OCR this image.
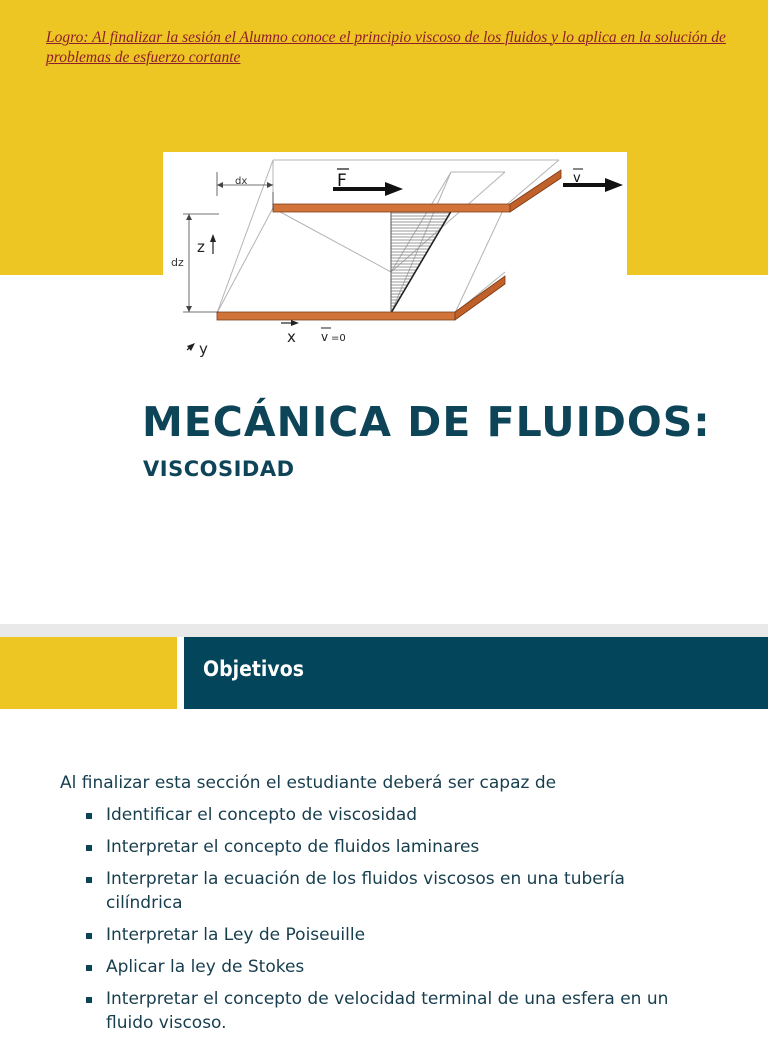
Logro: Al finalizar la sesión el Alumno conoce el principio viscoso de los fluidos y lo aplica en la solución de problemas de esfuerzo cortante

dx
dz
z
x
y
v =0
F	v
MECÁNICA DE FLUIDOS:
VISCOSIDAD
Objetivos

Al finalizar esta sección el estudiante deberá ser capaz de

Identificar el concepto de viscosidad
Interpretar el concepto de fluidos laminares
Interpretar la ecuación de los fluidos viscosos en una tubería cilíndrica
Interpretar la Ley de Poiseuille
Aplicar la ley de Stokes
Interpretar el concepto de velocidad terminal de una esfera en un fluido viscoso.
